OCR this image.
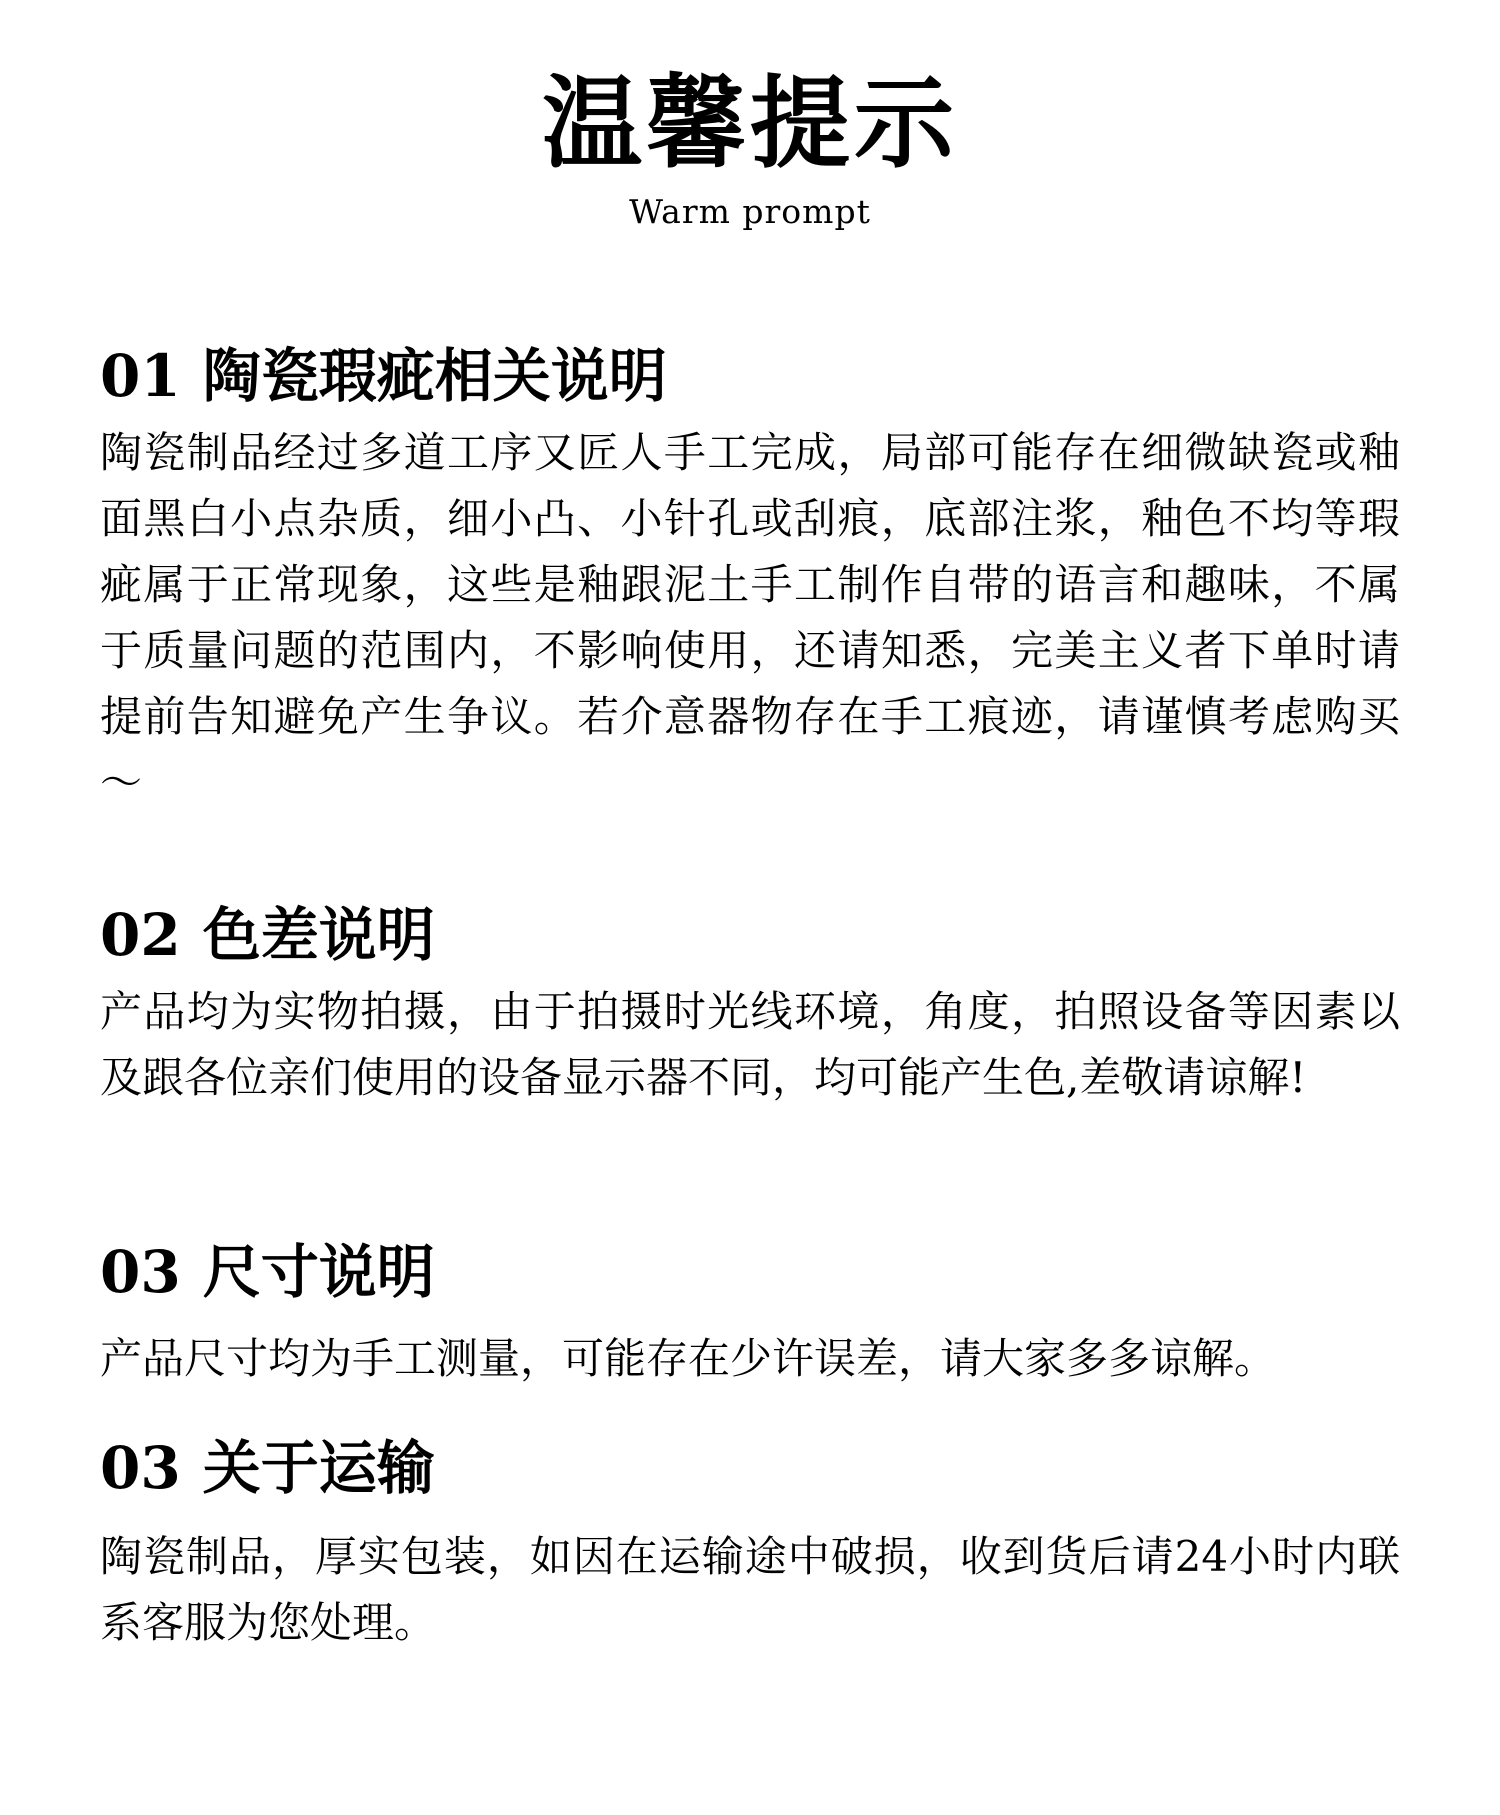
温馨提示
Warm prompt
01 陶瓷瑕疵相关说明
陶瓷制品经过多道工序又匠人手工完成，局部可能存在细微缺瓷或釉面黑白小点杂质，细小凸、小针孔或刮痕，底部注浆，釉色不均等瑕疵属于正常现象，这些是釉跟泥土手工制作自带的语言和趣味，不属于质量问题的范围内，不影响使用，还请知悉，完美主义者下单时请提前告知避免产生争议。若介意器物存在手工痕迹，请谨慎考虑购买～
02 色差说明
产品均为实物拍摄，由于拍摄时光线环境，角度，拍照设备等因素以及跟各位亲们使用的设备显示器不同，均可能产生色,差敬请谅解!
03 尺寸说明
产品尺寸均为手工测量，可能存在少许误差，请大家多多谅解。
03 关于运输
陶瓷制品，厚实包装，如因在运输途中破损，收到货后请24小时内联系客服为您处理。
